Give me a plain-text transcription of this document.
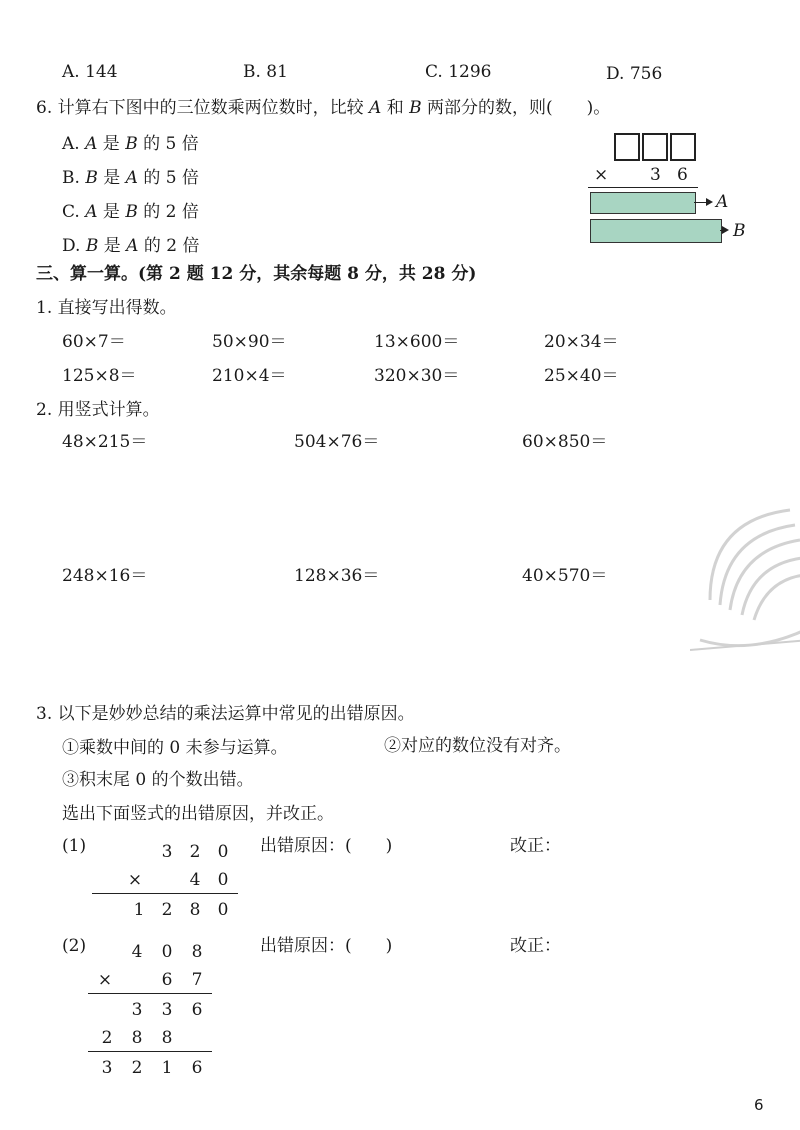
A. 144	B. 81	C. 1296	D. 756
6. 计算右下图中的三位数乘两位数时，比较 A 和 B 两部分的数，则(　　)。
A. A 是 B 的 5 倍
B. B 是 A 的 5 倍
C. A 是 B 的 2 倍
D. B 是 A 的 2 倍
× 3 6
A
B
三、算一算。(第 2 题 12 分，其余每题 8 分，共 28 分)
1. 直接写出得数。
60×7＝	50×90＝	13×600＝	20×34＝
125×8＝	210×4＝	320×30＝	25×40＝
2. 用竖式计算。
48×215＝	504×76＝	60×850＝
248×16＝	128×36＝	40×570＝
3. 以下是妙妙总结的乘法运算中常见的出错原因。
①乘数中间的 0 未参与运算。	②对应的数位没有对齐。
③积末尾 0 的个数出错。
选出下面竖式的出错原因，并改正。
(1)	出错原因：(　　)	改正：
3	2	0
×	4	0
1	2	8	0
(2)	出错原因：(　　)	改正：
4	0	8
×	6	7
3	3	6
2	8	8
3	2	1	6
6
